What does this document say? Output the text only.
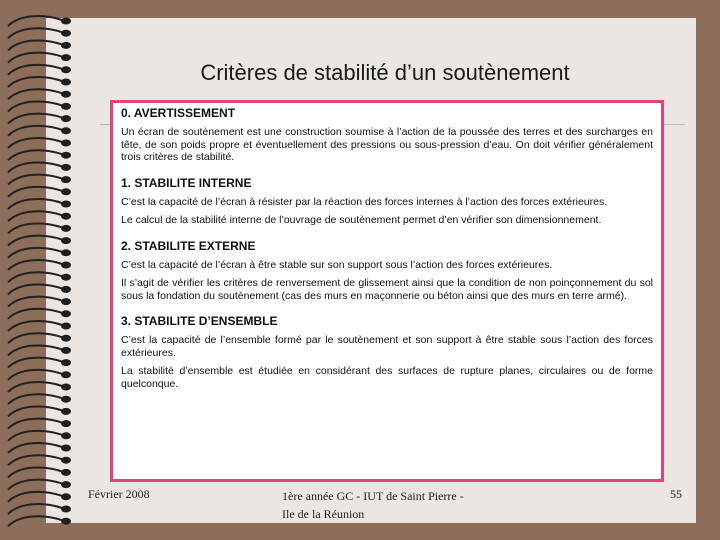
Critères de stabilité d’un soutènement

0. AVERTISSEMENT

Un écran de soutènement est une construction soumise à l’action de la poussée des terres et des surcharges en tête, de son poids propre et éventuellement des pressions ou sous-pression d’eau. On doit vérifier généralement trois critères de stabilité.

1. STABILITE INTERNE

C’est la capacité de l’écran à résister par la réaction des forces internes à l’action des forces extérieures.

Le calcul de la stabilité interne de l’ouvrage de soutènement permet d’en vérifier son dimensionnement.

2. STABILITE EXTERNE

C’est la capacité de l’écran à être stable sur son support sous l’action des forces extérieures.

Il s’agit de vérifier les critères de renversement de glissement ainsi que la condition de non poinçonnement du sol sous la fondation du soutènement (cas des murs en maçonnerie ou béton ainsi que des murs en terre armé).

3. STABILITE D’ENSEMBLE

C’est la capacité de l’ensemble formé par le soutènement et son support à être stable sous l’action des forces extérieures.

La stabilité d’ensemble est étudiée en considérant des surfaces de rupture planes, circulaires ou de forme quelconque.

Février 2008	1ère année GC - IUT de Saint Pierre -
Ile de la Réunion
55
